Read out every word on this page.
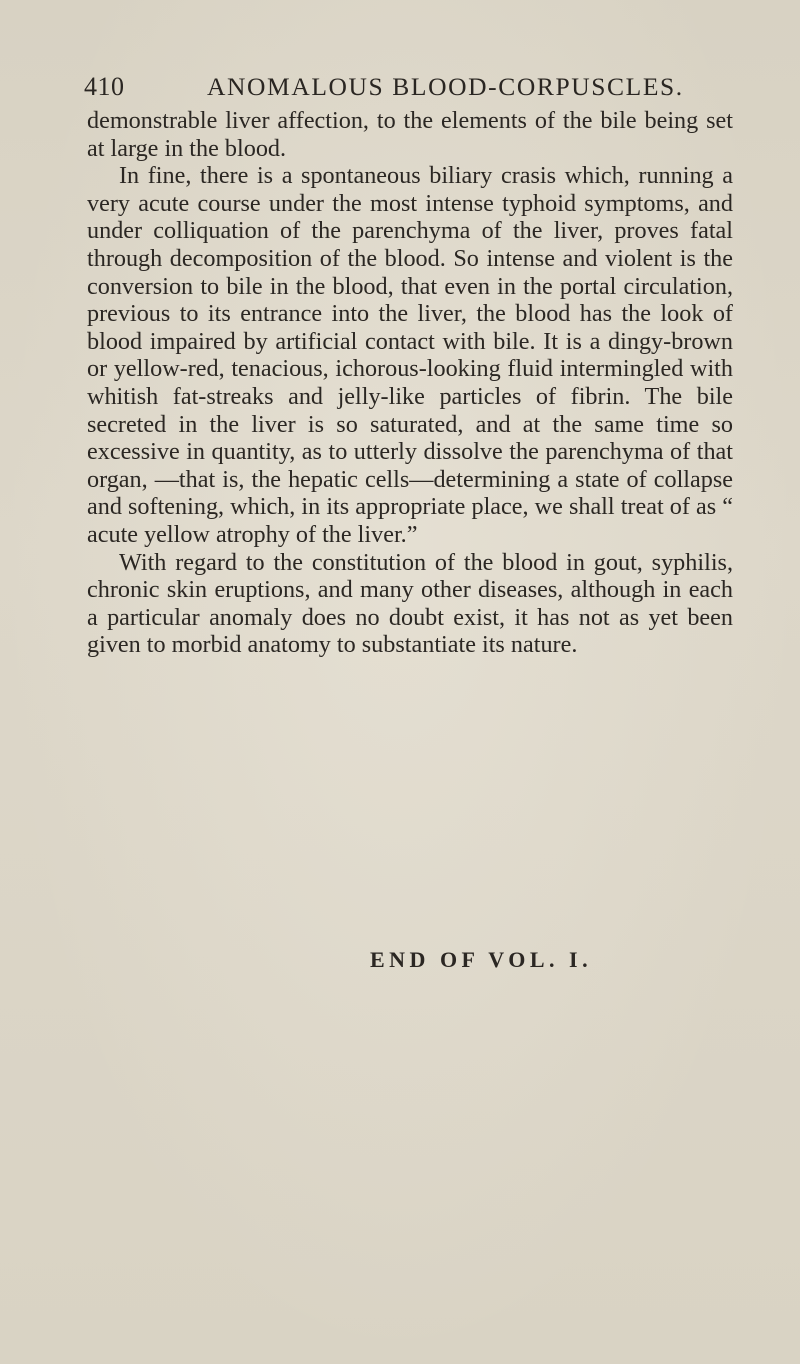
410	ANOMALOUS BLOOD-CORPUSCLES.

demonstrable liver affection, to the elements of the bile being set at large in the blood.

In fine, there is a spontaneous biliary crasis which, running a very acute course under the most intense typhoid symptoms, and under colliquation of the parenchyma of the liver, proves fatal through decomposition of the blood. So intense and violent is the conversion to bile in the blood, that even in the portal circulation, previous to its entrance into the liver, the blood has the look of blood impaired by artificial contact with bile. It is a dingy-brown or yellow-red, tenacious, ichorous-looking fluid intermingled with whitish fat-streaks and jelly-like particles of fibrin. The bile secreted in the liver is so saturated, and at the same time so excessive in quantity, as to utterly dissolve the parenchyma of that organ, —that is, the hepatic cells—determining a state of collapse and softening, which, in its appropriate place, we shall treat of as “ acute yellow atrophy of the liver.”

With regard to the constitution of the blood in gout, syphilis, chronic skin eruptions, and many other diseases, although in each a particular anomaly does no doubt exist, it has not as yet been given to morbid anatomy to substantiate its nature.

END OF VOL. I.
